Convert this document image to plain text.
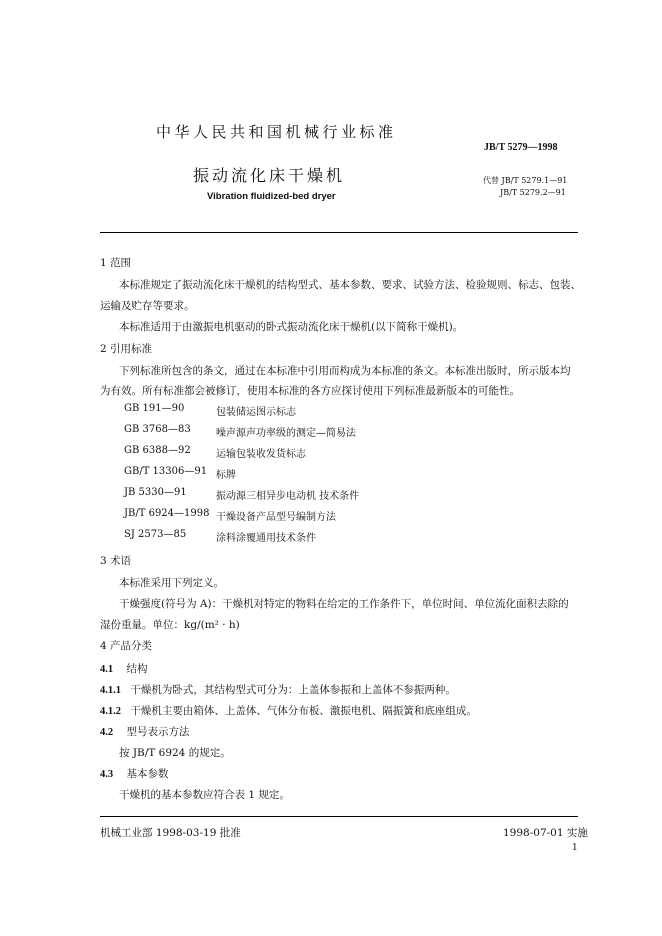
中华人民共和国机械行业标准
JB/T 5279—1998
振动流化床干燥机	代替 JB/T 5279.1—91
JB/T 5279.2—91
Vibration fluidized-bed dryer
1 范围
本标准规定了振动流化床干燥机的结构型式、基本参数、要求、试验方法、检验规则、标志、包装、
运输及贮存等要求。
本标准适用于由激振电机驱动的卧式振动流化床干燥机(以下简称干燥机)。
2 引用标准
下列标准所包含的条文，通过在本标准中引用而构成为本标准的条文。本标准出版时，所示版本均
为有效。所有标准都会被修订，使用本标准的各方应探讨使用下列标准最新版本的可能性。
GB 191—90	包装储运图示标志
GB 3768—83	噪声源声功率级的测定—简易法
GB 6388—92	运输包装收发货标志
GB/T 13306—91 标牌
JB 5330—91	振动源三相异步电动机 技术条件
JB/T 6924—1998 干燥设备产品型号编制方法
SJ 2573—85	涂料涂覆通用技术条件
3 术语
本标准采用下列定义。
干燥强度(符号为 A)：干燥机对特定的物料在给定的工作条件下，单位时间、单位流化面积去除的
湿份重量。单位：kg/(m² · h)
4 产品分类
4.1 结构
4.1.1 干燥机为卧式，其结构型式可分为：上盖体参振和上盖体不参振两种。
4.1.2 干燥机主要由箱体、上盖体、气体分布板、激振电机、隔振簧和底座组成。
4.2 型号表示方法
按 JB/T 6924 的规定。
4.3 基本参数
干燥机的基本参数应符合表 1 规定。
机械工业部 1998-03-19 批准	1998-07-01 实施
1
